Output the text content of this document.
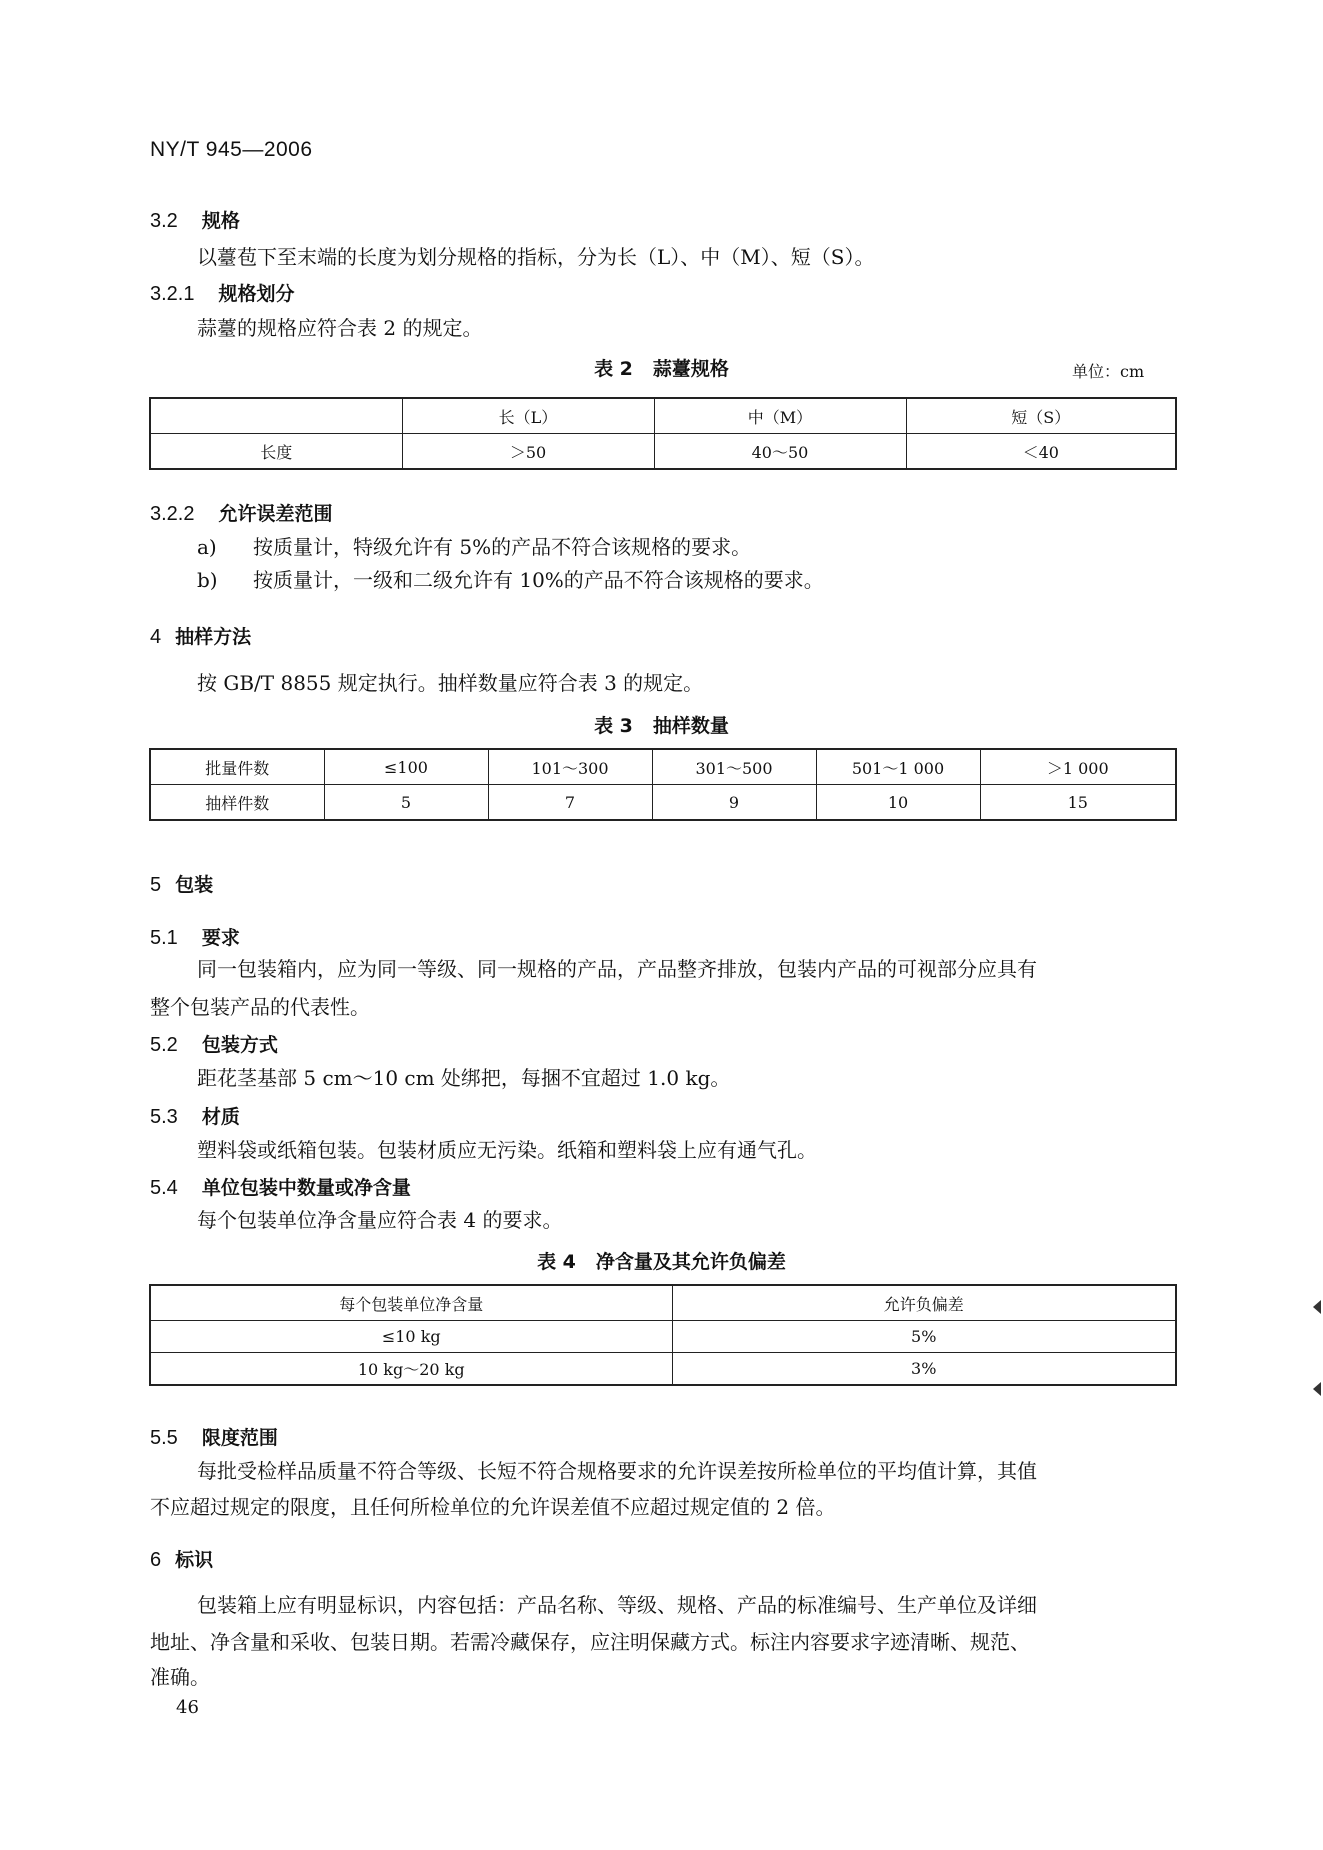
NY/T 945—2006
3.2 规格
以薹苞下至末端的长度为划分规格的指标，分为长（L）、中（M）、短（S）。
3.2.1 规格划分
蒜薹的规格应符合表 2 的规定。
表 2 蒜薹规格	单位：cm
	长（L）	中（M）	短（S）
长度	＞50	40～50	＜40
3.2.2 允许误差范围
a) 按质量计，特级允许有 5%的产品不符合该规格的要求。
b) 按质量计，一级和二级允许有 10%的产品不符合该规格的要求。
4 抽样方法
按 GB/T 8855 规定执行。抽样数量应符合表 3 的规定。
表 3 抽样数量
批量件数	≤100	101～300	301～500	501～1 000	＞1 000
抽样件数	5	7	9	10	15
5 包装
5.1 要求
同一包装箱内，应为同一等级、同一规格的产品，产品整齐排放，包装内产品的可视部分应具有
整个包装产品的代表性。
5.2 包装方式
距花茎基部 5 cm～10 cm 处绑把，每捆不宜超过 1.0 kg。
5.3 材质
塑料袋或纸箱包装。包装材质应无污染。纸箱和塑料袋上应有通气孔。
5.4 单位包装中数量或净含量
每个包装单位净含量应符合表 4 的要求。
表 4 净含量及其允许负偏差
每个包装单位净含量	允许负偏差
≤10 kg	5%
10 kg～20 kg	3%
5.5 限度范围
每批受检样品质量不符合等级、长短不符合规格要求的允许误差按所检单位的平均值计算，其值
不应超过规定的限度，且任何所检单位的允许误差值不应超过规定值的 2 倍。
6 标识
包装箱上应有明显标识，内容包括：产品名称、等级、规格、产品的标准编号、生产单位及详细
地址、净含量和采收、包装日期。若需冷藏保存，应注明保藏方式。标注内容要求字迹清晰、规范、
准确。
46
